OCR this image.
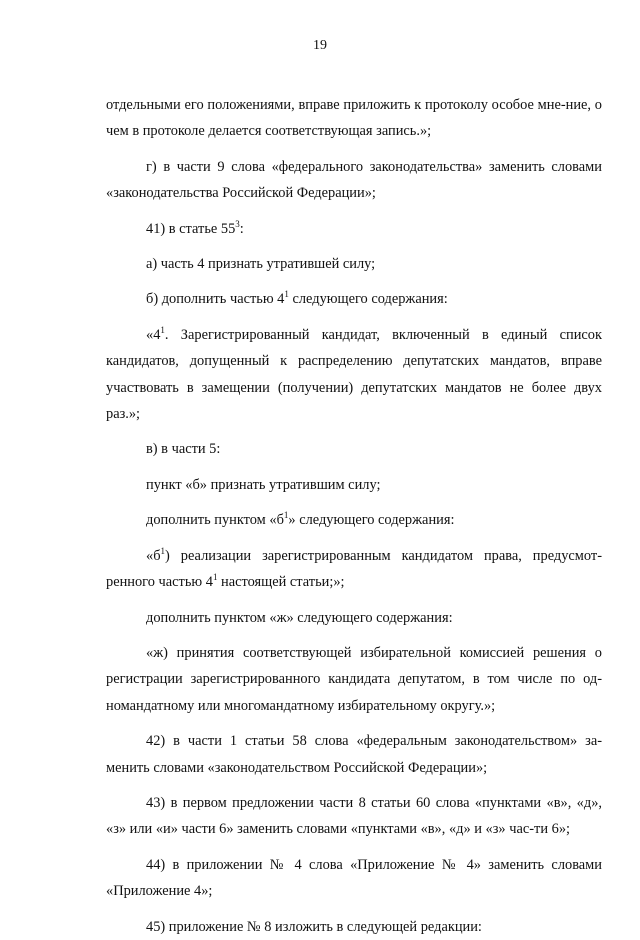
19

отдельными его положениями, вправе приложить к протоколу особое мне-ние, о чем в протоколе делается соответствующая запись.»;

г) в части 9 слова «федерального законодательства» заменить словами «законодательства Российской Федерации»;

41) в статье $55^3$:

а) часть 4 признать утратившей силу;

б) дополнить частью $4^1$ следующего содержания:

«$4^1$. Зарегистрированный кандидат, включенный в единый список кандидатов, допущенный к распределению депутатских мандатов, вправе участвовать в замещении (получении) депутатских мандатов не более двух раз.»;

в) в части 5:

пункт «б» признать утратившим силу;

дополнить пунктом «$б^1$» следующего содержания:

«$б^1$) реализации зарегистрированным кандидатом права, предусмот-ренного частью $4^1$ настоящей статьи;»;

дополнить пунктом «ж» следующего содержания:

«ж) принятия соответствующей избирательной комиссией решения о регистрации зарегистрированного кандидата депутатом, в том числе по од-номандатному или многомандатному избирательному округу.»;

42) в части 1 статьи 58 слова «федеральным законодательством» за-менить словами «законодательством Российской Федерации»;

43) в первом предложении части 8 статьи 60 слова «пунктами «в», «д», «з» или «и» части 6» заменить словами «пунктами «в», «д» и «з» час-ти 6»;

44) в приложении № 4 слова «Приложение № 4» заменить словами «Приложение 4»;

45) приложение № 8 изложить в следующей редакции:
